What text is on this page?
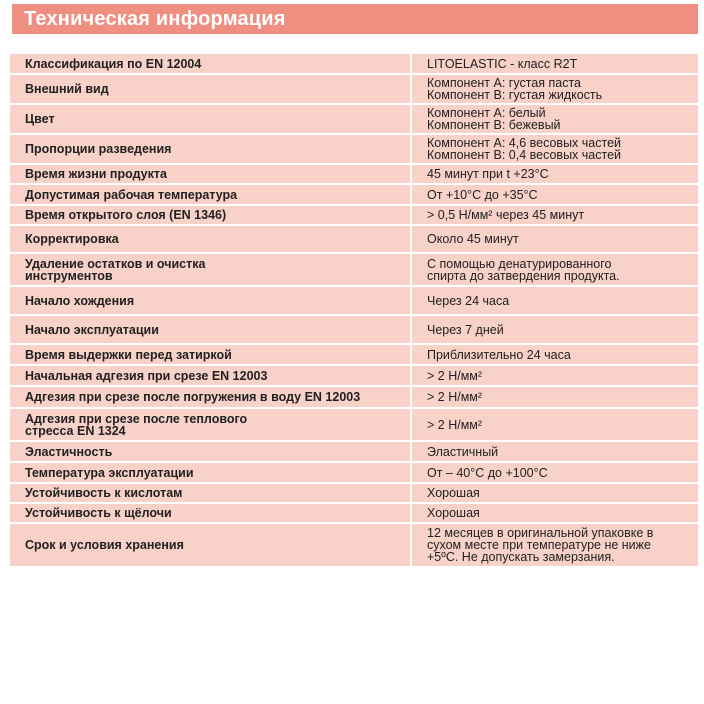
Техническая информация
Классификация по EN 12004	LITOELASTIC - класс R2T
Внешний вид	Компонент А: густая паста
Компонент В: густая жидкость
Цвет	Компонент А: белый
Компонент В: бежевый
Пропорции разведения	Компонент А: 4,6 весовых частей
Компонент В: 0,4 весовых частей
Время жизни продукта	45 минут при t +23°С
Допустимая рабочая температура	От +10°С до +35°С
Время открытого слоя (EN 1346)	> 0,5 Н/мм² через 45 минут
Корректировка	Около 45 минут
Удаление остатков и очистка
инструментов	С помощью денатурированного
спирта до затвердения продукта.
Начало хождения	Через 24 часа
Начало эксплуатации	Через 7 дней
Время выдержки перед затиркой	Приблизительно 24 часа
Начальная адгезия при срезе EN 12003	> 2 Н/мм²
Адгезия при срезе после погружения в воду EN 12003	> 2 Н/мм²
Адгезия при срезе после теплового
стресса EN 1324	> 2 Н/мм²
Эластичность	Эластичный
Температура эксплуатации	От – 40°С до +100°С
Устойчивость к кислотам	Хорошая
Устойчивость к щёлочи	Хорошая
Срок и условия хранения	12 месяцев в оригинальной упаковке в
сухом месте при температуре не ниже
+5ºС. Не допускать замерзания.
